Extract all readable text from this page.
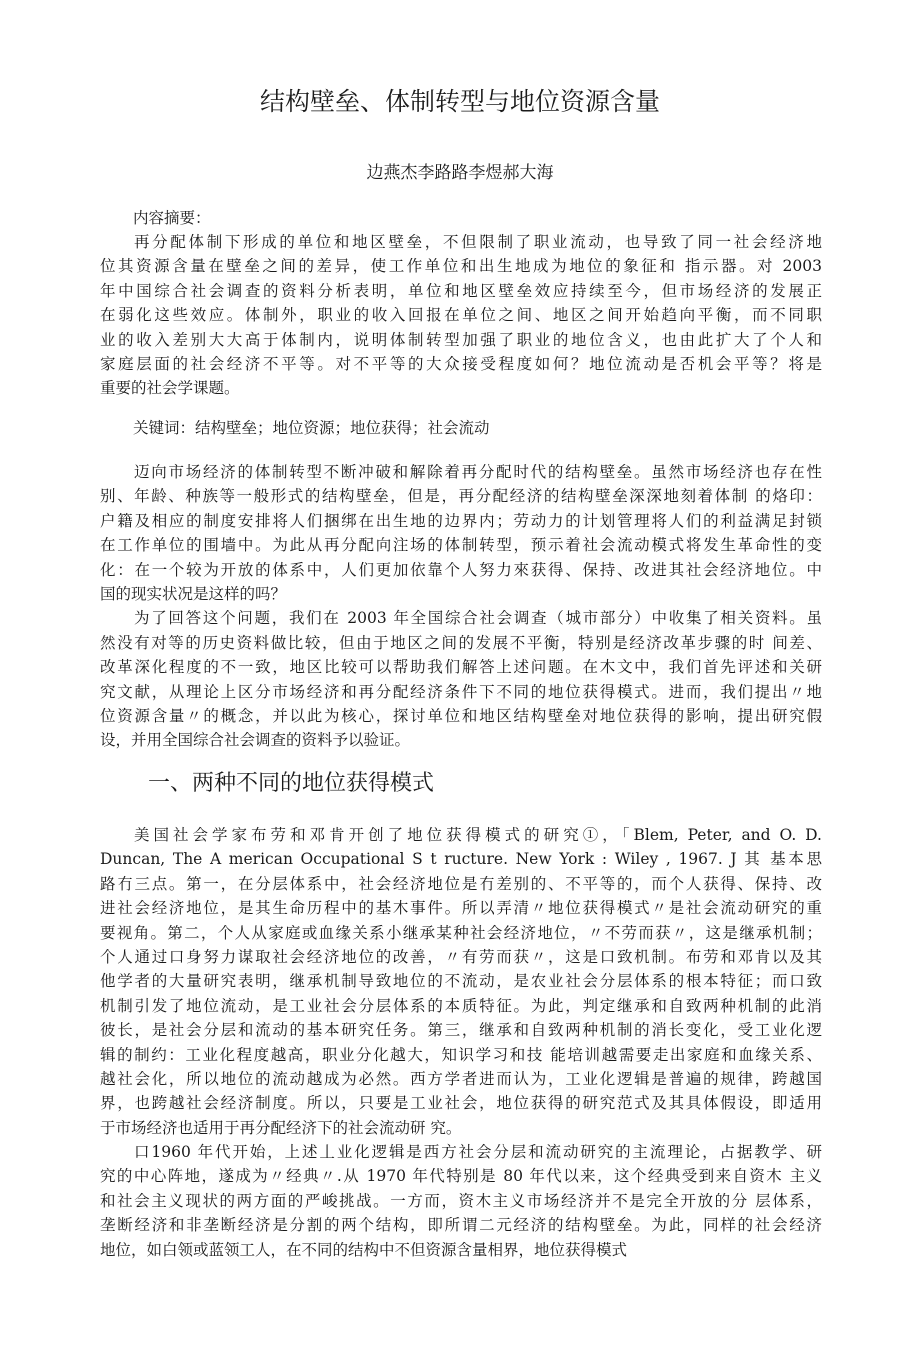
结构壁垒、体制转型与地位资源含量
边燕杰李路路李煜郝大海
内容摘要：
再分配体制下形成的单位和地区壁垒，不但限制了职业流动，也导致了同一社会经济地
位其资源含量在壁垒之间的差异，使工作单位和出生地成为地位的象征和 指示器。对 2003
年中国综合社会调查的资料分析表明，单位和地区壁垒效应持续至今，但市场经济的发展正
在弱化这些效应。体制外，职业的收入回报在单位之间、地区之间开始趋向平衡，而不同职
业的收入差别大大高于体制内，说明体制转型加强了职业的地位含义，也由此扩大了个人和
家庭层面的社会经济不平等。对不平等的大众接受程度如何？地位流动是否机会平等？将是
重要的社会学课题。
关键词：结构壁垒；地位资源；地位获得；社会流动
迈向市场经济的体制转型不断冲破和解除着再分配时代的结构壁垒。虽然市场经济也存在性
别、年龄、种族等一般形式的结构壁垒，但是，再分配经济的结构壁垒深深地刻着体制 的烙印：
户籍及相应的制度安排将人们捆绑在出生地的边界内；劳动力的计划管理将人们的利益满足封锁
在工作单位的围墙中。为此从再分配向注场的体制转型，预示着社会流动模式将发生革命性的变
化：在一个较为开放的体系中，人们更加依靠个人努力來获得、保持、改进其社会经济地位。中
国的现实状况是这样的吗？
为了回答这个问题，我们在 2003 年全国综合社会调查（城市部分）中收集了相关资料。虽
然没有对等的历史资料做比较，但由于地区之间的发展不平衡，特别是经济改革步骤的时 间差、
改革深化程度的不一致，地区比较可以帮助我们解答上述问题。在木文中，我们首先评述和关研
究文献，从理论上区分市场经济和再分配经济条件下不同的地位获得模式。进而，我们提出〃地
位资源含量〃的概念，并以此为核心，探讨单位和地区结构壁垒对地位获得的影响，提出研究假
设，并用全国综合社会调查的资料予以验证。
一、两种不同的地位获得模式
美国社会学家布劳和邓肯开创了地位获得模式的研究①，「Blem, Peter, and O. D.
Duncan, The A merican Occupational S t ructure. New York : Wiley , 1967. J 其 基本思
路冇三点。第一，在分层体系中，社会经济地位是冇差别的、不平等的，而个人获得、保持、改
进社会经济地位，是其生命历程中的基木事件。所以弄清〃地位获得模式〃是社会流动研究的重
要视角。第二，个人从家庭或血缘关系小继承某种社会经济地位，〃不劳而获〃，这是继承机制；
个人通过口身努力谋取社会经济地位的改善，〃有劳而获〃，这是口致机制。布劳和邓肯以及其
他学者的大量研究表明，继承机制导致地位的不流动，是农业社会分层体系的根本特征；而口致
机制引发了地位流动，是工业社会分层体系的本质特征。为此，判定继承和自致两种机制的此消
彼长，是社会分层和流动的基本研究任务。第三，继承和自致两种机制的消长变化，受工业化逻
辑的制约：工业化程度越高，职业分化越大，知识学习和技 能培训越需要走出家庭和血缘关系、
越社会化，所以地位的流动越成为必然。西方学者进而认为，工业化逻辑是普遍的规律，跨越国
界，也跨越社会经济制度。所以，只要是工业社会，地位获得的研究范式及其具体假设，即适用
于市场经济也适用于再分配经济下的社会流动研 究。
口1960 年代开始，上述丄业化逻辑是西方社会分层和流动研究的主流理论，占据教学、研
究的中心阵地，遂成为〃经典〃.从 1970 年代特别是 80 年代以来，这个经典受到来自资木 主义
和社会主义现状的两方面的严峻挑战。一方而，资木主义市场经济并不是完全开放的分 层体系，
垄断经济和非垄断经济是分割的两个结构，即所谓二元经济的结构壁垒。为此，同样的社会经济
地位，如白领或蓝领工人，在不同的结构中不但资源含量相界，地位获得模式
